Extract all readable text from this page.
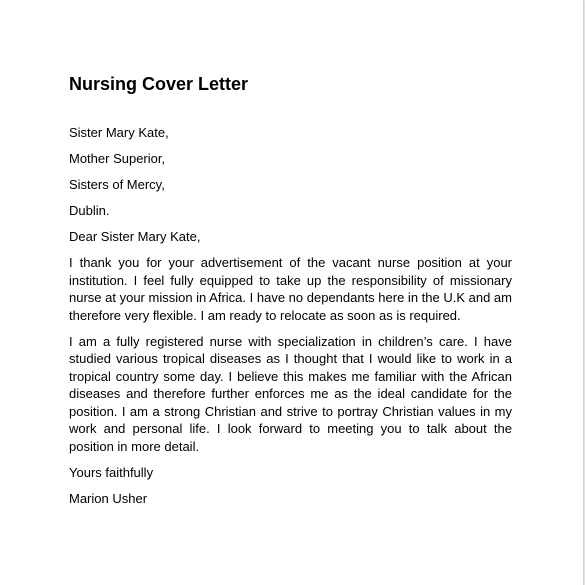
Nursing Cover Letter
Sister Mary Kate,
Mother Superior,
Sisters of Mercy,
Dublin.
Dear Sister Mary Kate,

I thank you for your advertisement of the vacant nurse position at your institution. I feel fully equipped to take up the responsibility of missionary nurse at your mission in Africa. I have no dependants here in the U.K and am therefore very flexible. I am ready to relocate as soon as is required.

I am a fully registered nurse with specialization in children’s care. I have studied various tropical diseases as I thought that I would like to work in a tropical country some day. I believe this makes me familiar with the African diseases and therefore further enforces me as the ideal candidate for the position. I am a strong Christian and strive to portray Christian values in my work and personal life. I look forward to meeting you to talk about the position in more detail.

Yours faithfully
Marion Usher
